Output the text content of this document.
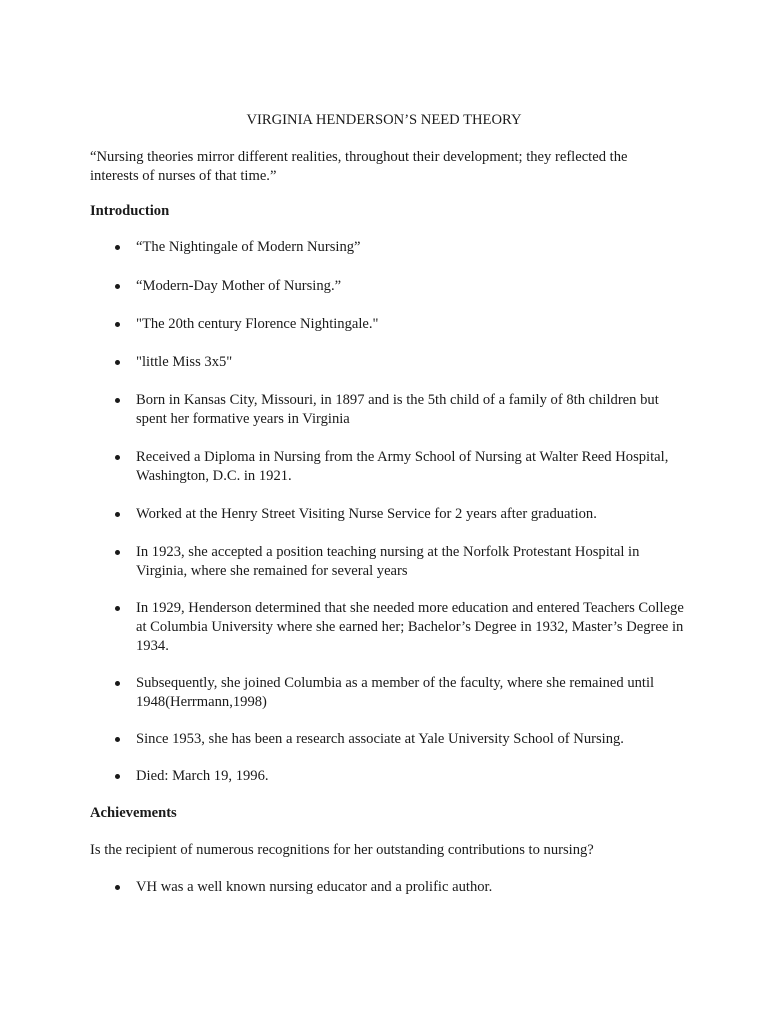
VIRGINIA HENDERSON’S NEED THEORY

“Nursing theories mirror different realities, throughout their development; they reflected the interests of nurses of that time.”

Introduction
“The Nightingale of Modern Nursing”
“Modern-Day Mother of Nursing.”
"The 20th century Florence Nightingale."
"little Miss 3x5"
Born in Kansas City, Missouri, in 1897 and is the 5th child of a family of 8th children but spent her formative years in Virginia
Received a Diploma in Nursing from the Army School of Nursing at Walter Reed Hospital, Washington, D.C. in 1921.
Worked at the Henry Street Visiting Nurse Service for 2 years after graduation.
In 1923, she accepted a position teaching nursing at the Norfolk Protestant Hospital in Virginia, where she remained for several years
In 1929, Henderson determined that she needed more education and entered Teachers College at Columbia University where she earned her; Bachelor’s Degree in 1932, Master’s Degree in 1934.
Subsequently, she joined Columbia as a member of the faculty, where she remained until 1948(Herrmann,1998)
Since 1953, she has been a research associate at Yale University School of Nursing.
Died: March 19, 1996.
Achievements

Is the recipient of numerous recognitions for her outstanding contributions to nursing?

VH was a well known nursing educator and a prolific author.
